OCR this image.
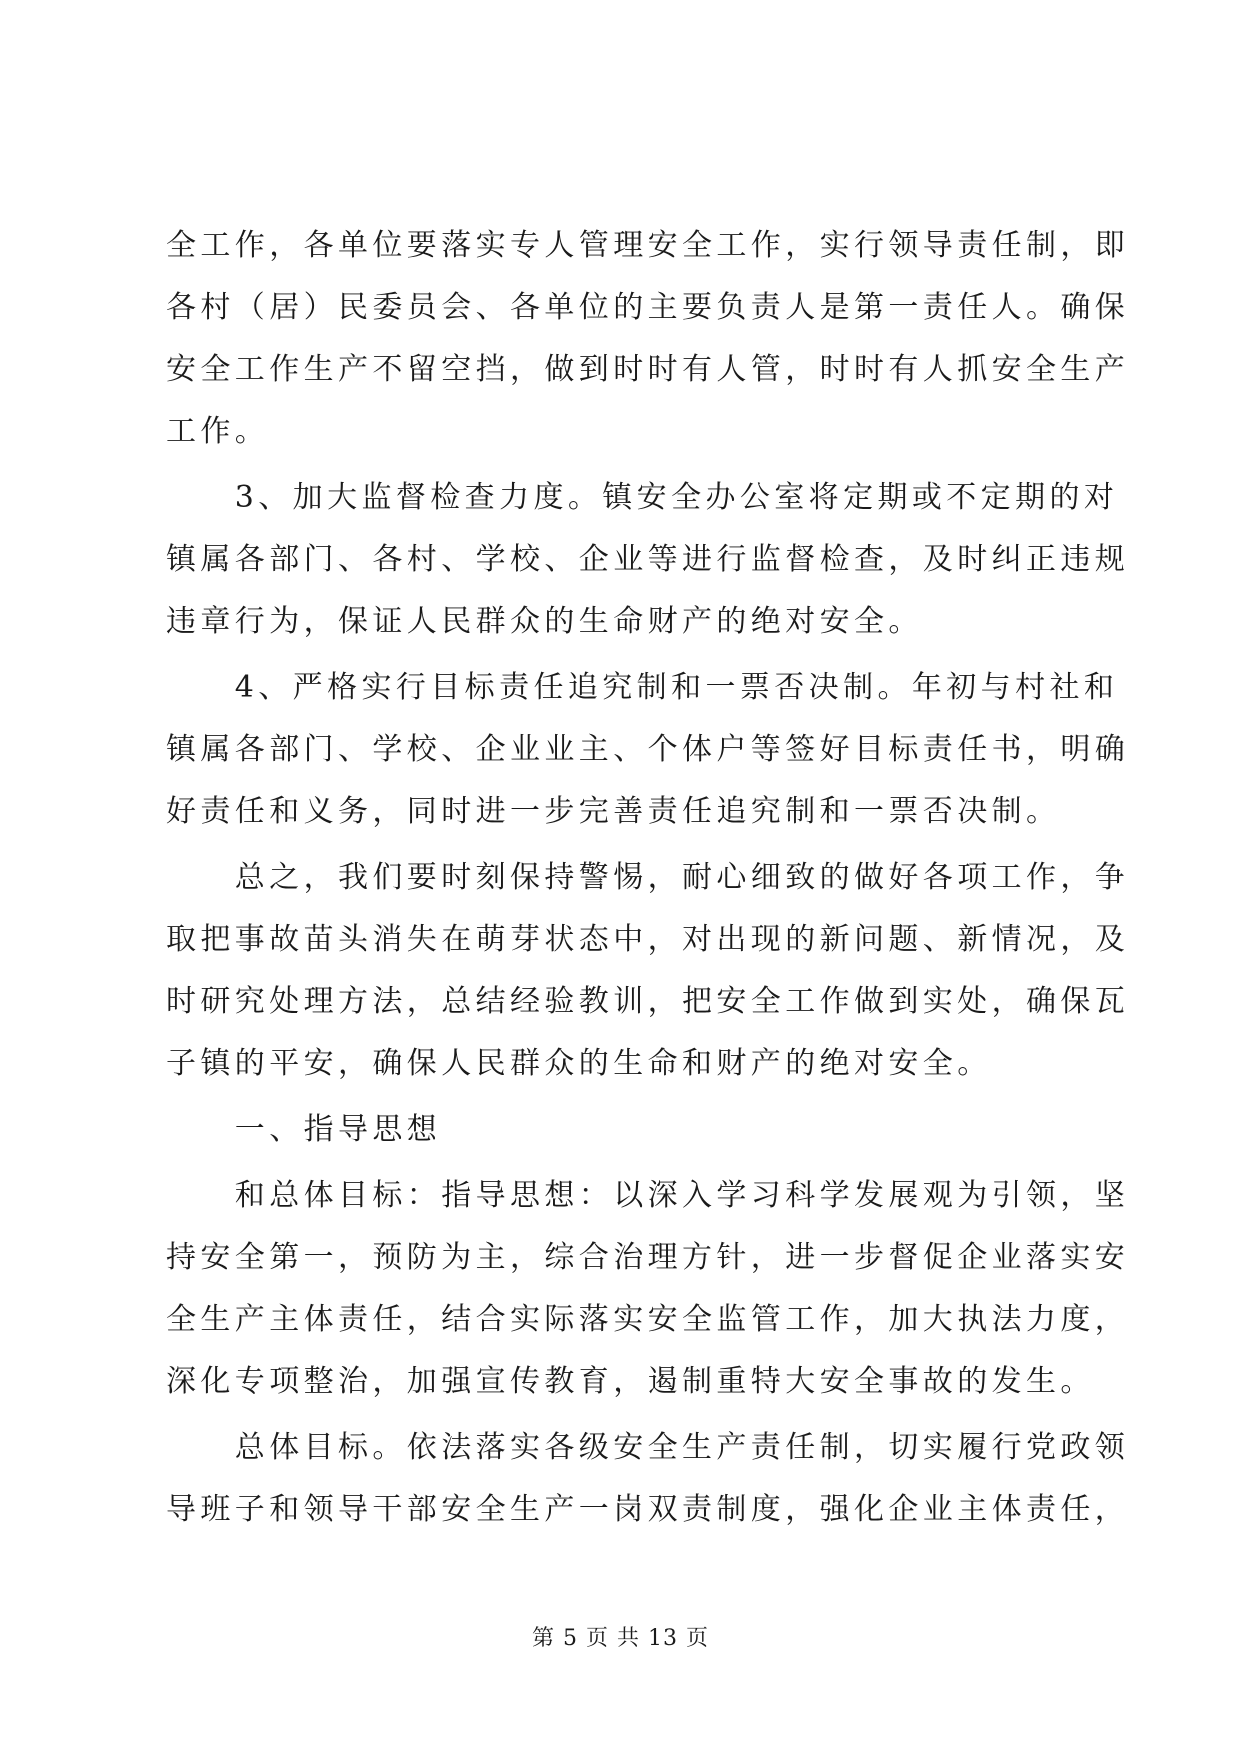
全工作，各单位要落实专人管理安全工作，实行领导责任制，即
各村（居）民委员会、各单位的主要负责人是第一责任人。确保
安全工作生产不留空挡，做到时时有人管，时时有人抓安全生产
工作。
　　3、加大监督检查力度。镇安全办公室将定期或不定期的对
镇属各部门、各村、学校、企业等进行监督检查，及时纠正违规
违章行为，保证人民群众的生命财产的绝对安全。
　　4、严格实行目标责任追究制和一票否决制。年初与村社和
镇属各部门、学校、企业业主、个体户等签好目标责任书，明确
好责任和义务，同时进一步完善责任追究制和一票否决制。
　　总之，我们要时刻保持警惕，耐心细致的做好各项工作，争
取把事故苗头消失在萌芽状态中，对出现的新问题、新情况，及
时研究处理方法，总结经验教训，把安全工作做到实处，确保瓦
子镇的平安，确保人民群众的生命和财产的绝对安全。
　　一、指导思想
　　和总体目标：指导思想：以深入学习科学发展观为引领，坚
持安全第一，预防为主，综合治理方针，进一步督促企业落实安
全生产主体责任，结合实际落实安全监管工作，加大执法力度，
深化专项整治，加强宣传教育，遏制重特大安全事故的发生。
　　总体目标。依法落实各级安全生产责任制，切实履行党政领
导班子和领导干部安全生产一岗双责制度，强化企业主体责任，
第 5 页 共 13 页
